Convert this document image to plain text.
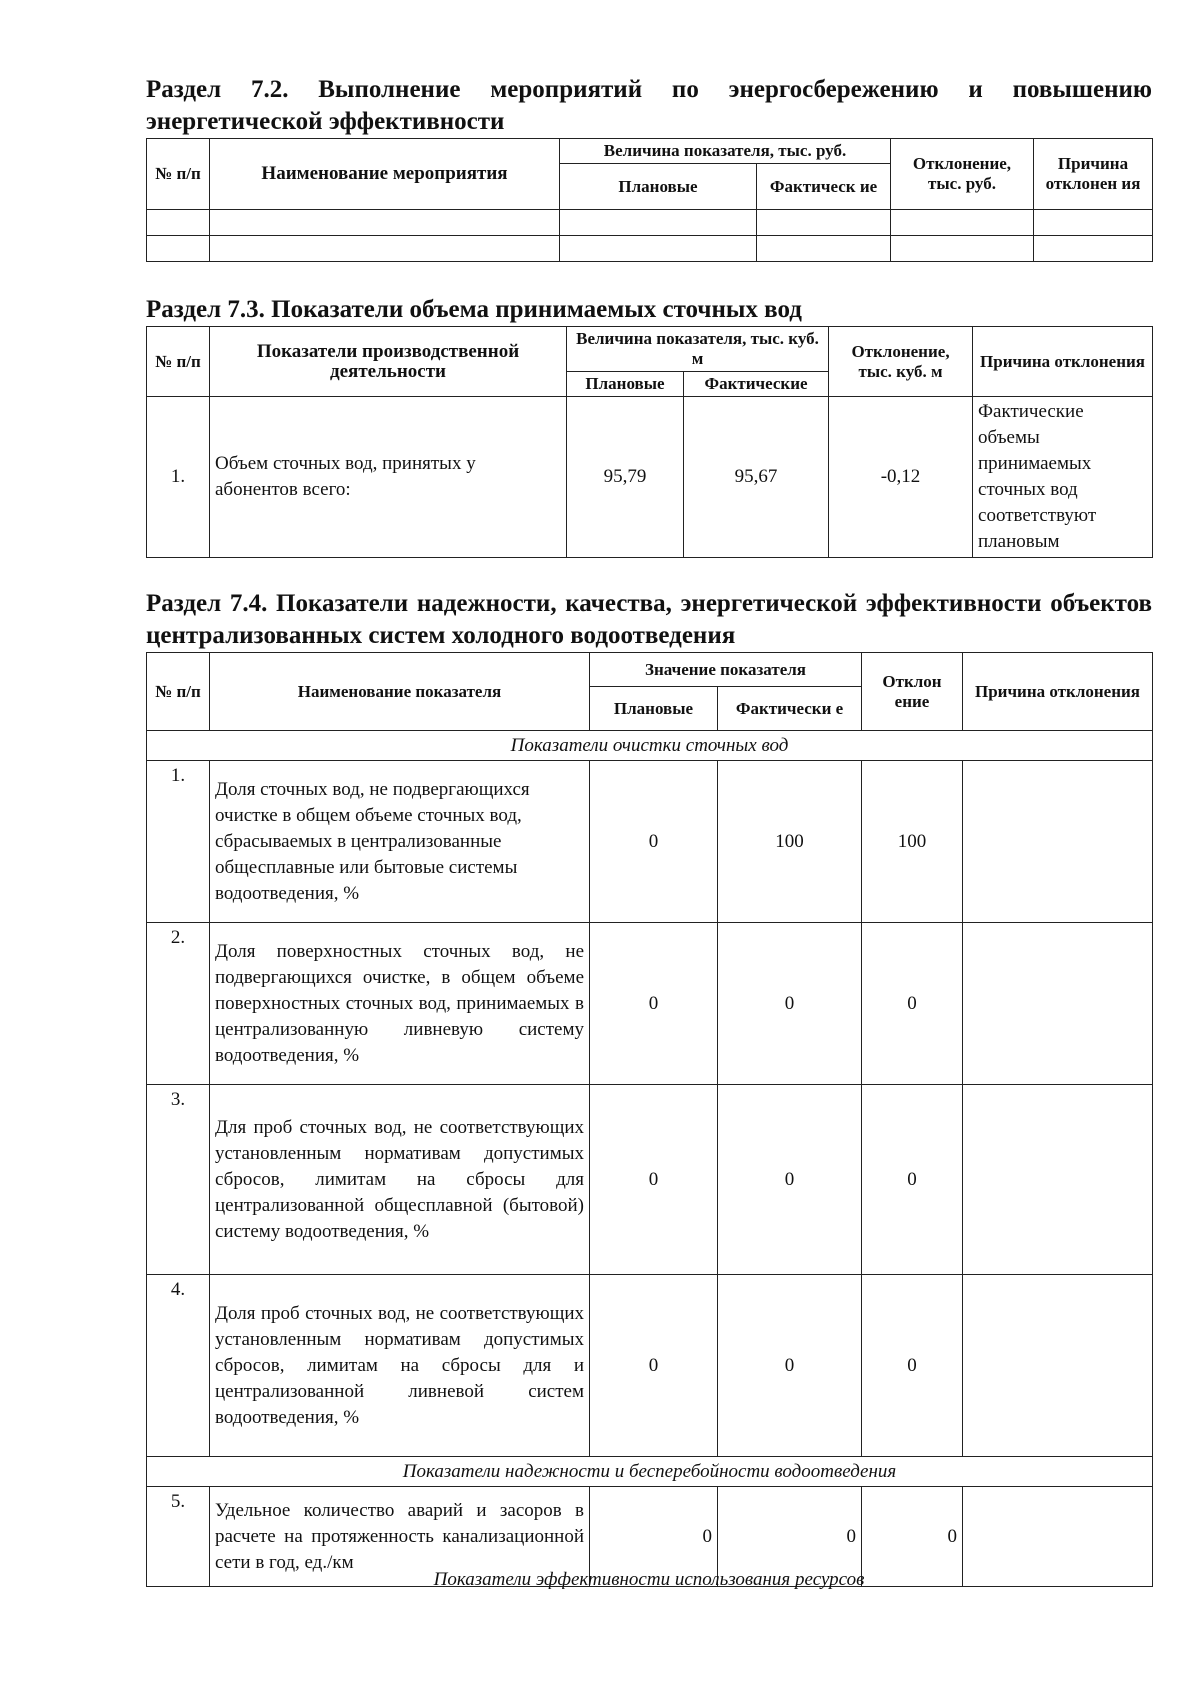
Раздел 7.2. Выполнение мероприятий по энергосбережению и повышению энергетической эффективности
№ п/п	Наименование мероприятия	Величина показателя, тыс. руб.		Отклонение, тыс. руб.	Причина отклонен ия
		Плановые	Фактическ ие		

Раздел 7.3. Показатели объема принимаемых сточных вод
№ п/п	Показатели производственной деятельности	Величина показателя, тыс. куб. м		Отклонение, тыс. куб. м	Причина отклонения
		Плановые	Фактические		
1.	Объем сточных вод, принятых у абонентов всего:	95,79	95,67	-0,12	Фактические объемы принимаемых сточных вод соответствуют плановым
Раздел 7.4. Показатели надежности, качества, энергетической эффективности объектов централизованных систем холодного водоотведения
№ п/п	Наименование показателя	Значение показателя		Отклон ение	Причина отклонения
		Плановые	Фактически е		
Показатели очистки сточных вод					
1.	Доля сточных вод, не подвергающихся очистке в общем объеме сточных вод, сбрасываемых в централизованные общесплавные или бытовые системы водоотведения, %	0	100	100	
2.	Доля поверхностных сточных вод, не подвергающихся очистке, в общем объеме поверхностных сточных вод, принимаемых в централизованную ливневую систему водоотведения, %	0	0	0	
3.	Для проб сточных вод, не соответствующих установленным нормативам допустимых сбросов, лимитам на сбросы для централизованной общесплавной (бытовой) систему водоотведения, %	0	0	0	
4.	Доля проб сточных вод, не соответствующих установленным нормативам допустимых сбросов, лимитам на сбросы для и централизованной ливневой систем водоотведения, %	0	0	0	
Показатели надежности и бесперебойности водоотведения					
5.	Удельное количество аварий и засоров в расчете на протяженность канализационной сети в год, ед./км	0	0	0	
Показатели эффективности использования ресурсов
